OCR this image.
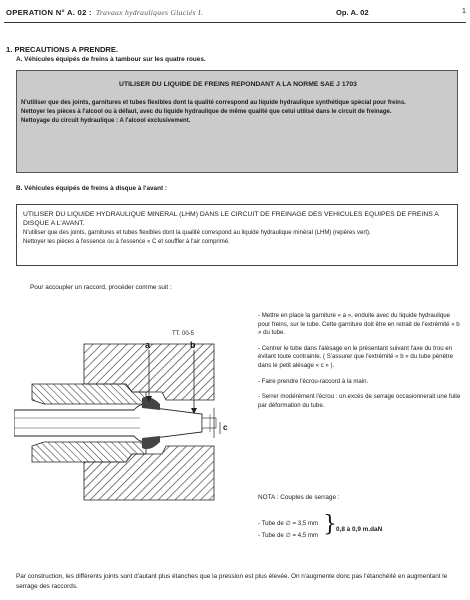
OPERATION N° A. 02 : Travaux hydrauliques Glaciés I.	Op. A. 02	1
1. PRECAUTIONS A PRENDRE.
A. Véhicules équipés de freins à tambour sur les quatre roues.
UTILISER DU LIQUIDE DE FREINS REPONDANT A LA NORME SAE J 1703

N'utiliser que des joints, garnitures et tubes flexibles dont la qualité correspond au liquide hydraulique synthétique spécial pour freins.

Nettoyer les pièces à l'alcool ou à défaut, avec du liquide hydraulique de même qualité que celui utilisé dans le circuit de freinage.

Nettoyage du circuit hydraulique : A l'alcool exclusivement.

B. Véhicules équipés de freins à disque à l'avant :
UTILISER DU LIQUIDE HYDRAULIQUE MINERAL (LHM) DANS LE CIRCUIT DE FREINAGE DES VEHICULES EQUIPES DE FREINS A DISQUE A L'AVANT.

N'utiliser que des joints, garnitures et tubes flexibles dont la qualité correspond au liquide hydraulique minéral (LHM) (repères vert).

Nettoyer les pièces à l'essence ou à l'essence « C et souffler à l'air comprimé.

Pour accoupler un raccord, procéder comme suit :
TT. 00-5
a	b
c

- Mettre en place la garniture « a », enduite avec du liquide hydraulique pour freins, sur le tube. Cette garniture doit être en retrait de l'extrémité « b » du tube.

- Centrer le tube dans l'alésage en le présentant suivant l'axe du trou en évitant toute contrainte. ( S'assurer que l'extrémité « b » du tube pénètre dans le petit alésage « c » ).

- Faire prendre l'écrou-raccord à la main.

- Serrer modérément l'écrou : un excès de serrage occasionnerait une fuite par déformation du tube.

NOTA : Couples de serrage :
- Tube de ∅ = 3,5 mm
- Tube de ∅ = 4,5 mm } 0,8 à 0,9 m.daN
Par construction, les différents joints sont d'autant plus étanches que la pression est plus élevée. On n'augmente donc pas l'étanchéité en augmentant le serrage des raccords.
